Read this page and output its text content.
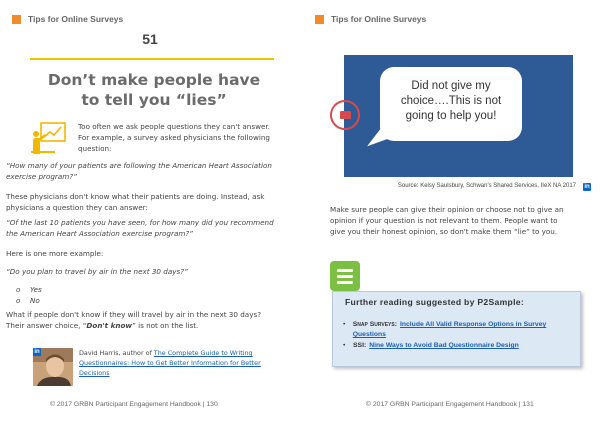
Tips for Online Surveys
51
Don’t make people have
to tell you “lies”
Too often we ask people questions they can't answer. For example, a survey asked physicians the following question:
“How many of your patients are following the American Heart Association exercise program?”
These physicians don't know what their patients are doing. Instead, ask physicians a question they can answer:
“Of the last 10 patients you have seen, for how many did you recommend the American Heart Association exercise program?”
Here is one more example:
“Do you plan to travel by air in the next 30 days?”
o	Yes
o	No
What if people don't know if they will travel by air in the next 30 days? Their answer choice, “Don't know” is not on the list.
in	David Harris, author of The Complete Guide to Writing Questionnaires: How to Get Better Information for Better Decisions
© 2017 GRBN Participant Engagement Handbook | 130
Tips for Online Surveys
Did not give my choice….This is not going to help you!
Source: Kelsy Saulsbury, Schwan's Shared Services, IIeX NA 2017	in
Make sure people can give their opinion or choose not to give an opinion if your question is not relevant to them. People want to give you their honest opinion, so don't make them “lie” to you.
Further reading suggested by P2Sample:
•	Snap Surveys: Include All Valid Response Options in Survey Questions
•	SSI: Nine Ways to Avoid Bad Questionnaire Design
© 2017 GRBN Participant Engagement Handbook | 131
